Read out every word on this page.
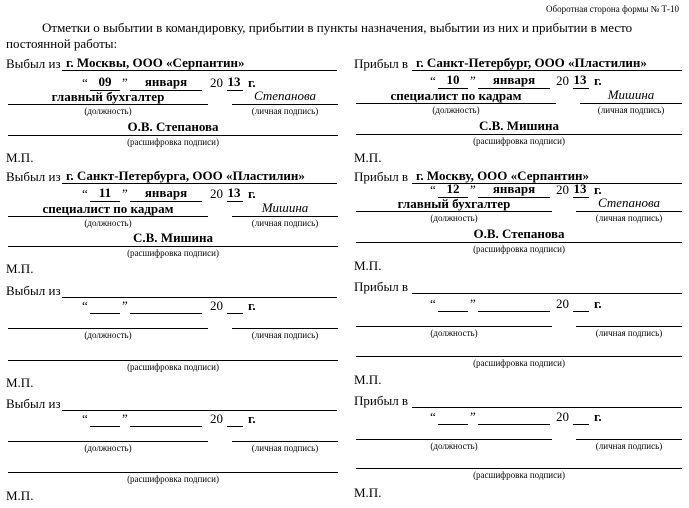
Оборотная сторона формы № Т-10
Отметки о выбытии в командировку, прибытии в пункты назначения, выбытии из них и прибытии в место
постоянной работы:
Выбыл из г. Москвы, ООО «Серпантин»
“ 09 ”	января	20 13 г.
главный бухгалтер	Степанова
(должность)	(личная подпись)
О.В. Степанова
(расшифровка подписи)
М.П.
Прибыл в г. Санкт-Петербург, ООО «Пластилин»
“ 10 ”	января	20 13 г.
специалист по кадрам	Мишина
(должность)	(личная подпись)
С.В. Мишина
(расшифровка подписи)
М.П.
Выбыл из г. Санкт-Петербурга, ООО «Пластилин»
“ 11 ”	января	20 13 г.
специалист по кадрам	Мишина
(должность)	(личная подпись)
С.В. Мишина
(расшифровка подписи)
М.П.
Прибыл в г. Москву, ООО «Серпантин»
“ 12 ”	января	20 13 г.
главный бухгалтер	Степанова
(должность)	(личная подпись)
О.В. Степанова
(расшифровка подписи)
М.П.
Выбыл из
“	”	20 г.
(должность)	(личная подпись)
(расшифровка подписи)
М.П.
Прибыл в
“	”	20 г.
(должность)	(личная подпись)
(расшифровка подписи)
М.П.
Выбыл из
“	”	20 г.
(должность)	(личная подпись)
(расшифровка подписи)
М.П.
Прибыл в
“	”	20 г.
(должность)	(личная подпись)
(расшифровка подписи)
М.П.
